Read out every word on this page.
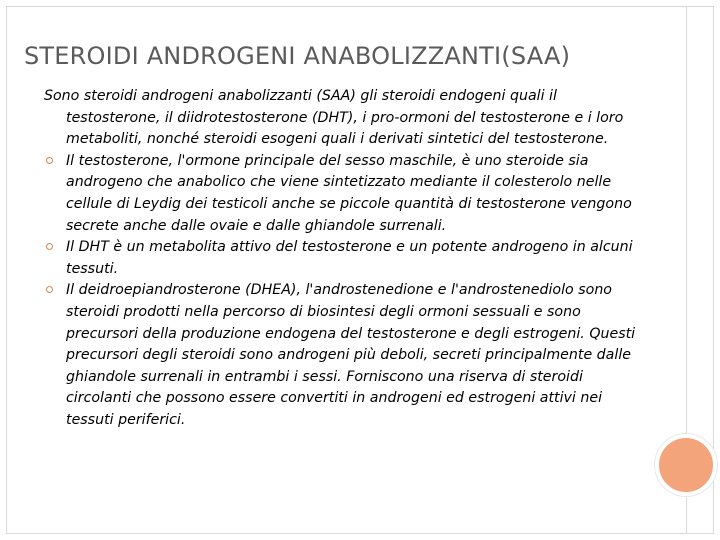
STEROIDI ANDROGENI ANABOLIZZANTI(SAA)

Sono steroidi androgeni anabolizzanti (SAA) gli steroidi endogeni quali il testosterone, il diidrotestosterone (DHT), i pro-ormoni del testosterone e i loro metaboliti, nonché steroidi esogeni quali i derivati sintetici del testosterone.

Il testosterone, l'ormone principale del sesso maschile, è uno steroide sia androgeno che anabolico che viene sintetizzato mediante il colesterolo nelle cellule di Leydig dei testicoli anche se piccole quantità di testosterone vengono secrete anche dalle ovaie e dalle ghiandole surrenali.
Il DHT è un metabolita attivo del testosterone e un potente androgeno in alcuni tessuti.
Il deidroepiandrosterone (DHEA), l'androstenedione e l'androstenediolo sono steroidi prodotti nella percorso di biosintesi degli ormoni sessuali e sono precursori della produzione endogena del testosterone e degli estrogeni. Questi precursori degli steroidi sono androgeni più deboli, secreti principalmente dalle ghiandole surrenali in entrambi i sessi. Forniscono una riserva di steroidi circolanti che possono essere convertiti in androgeni ed estrogeni attivi nei tessuti periferici.
